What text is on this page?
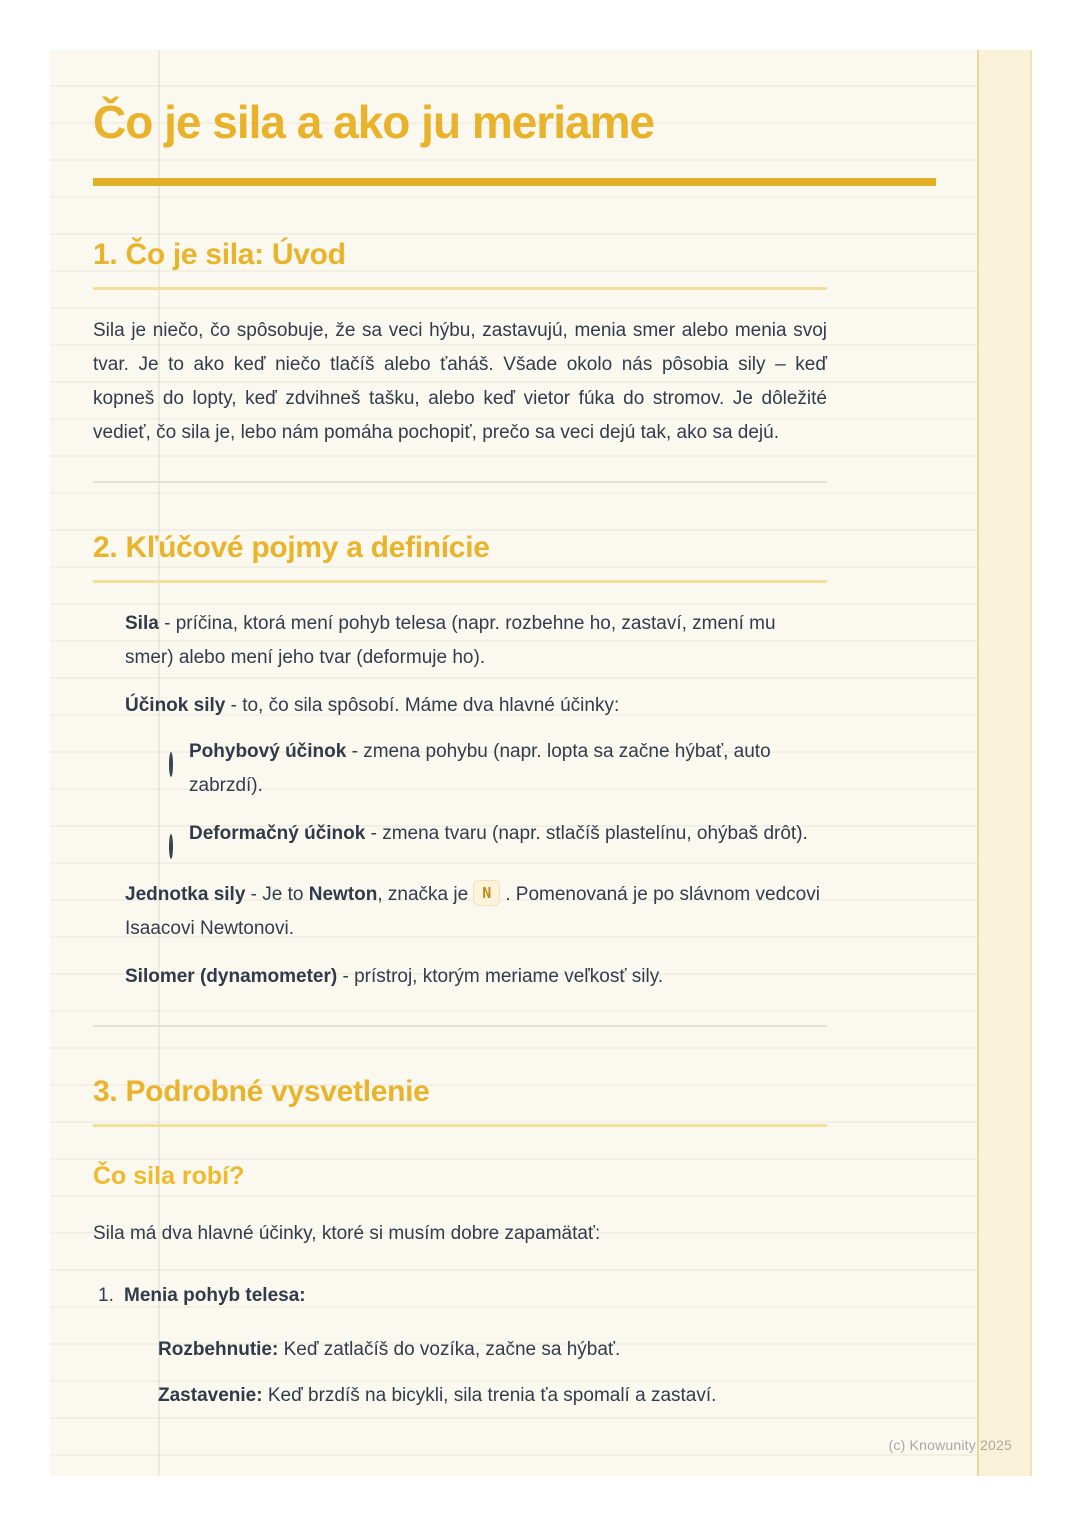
Čo je sila a ako ju meriame
1. Čo je sila: Úvod

Sila je niečo, čo spôsobuje, že sa veci hýbu, zastavujú, menia smer alebo menia svoj tvar. Je to ako keď niečo tlačíš alebo ťaháš. Všade okolo nás pôsobia sily – keď kopneš do lopty, keď zdvihneš tašku, alebo keď vietor fúka do stromov. Je dôležité vedieť, čo sila je, lebo nám pomáha pochopiť, prečo sa veci dejú tak, ako sa dejú.

2. Kľúčové pojmy a definície
Sila - príčina, ktorá mení pohyb telesa (napr. rozbehne ho, zastaví, zmení mu smer) alebo mení jeho tvar (deformuje ho).
Účinok sily - to, čo sila spôsobí. Máme dva hlavné účinky:
Pohybový účinok - zmena pohybu (napr. lopta sa začne hýbať, auto zabrzdí).
Deformačný účinok - zmena tvaru (napr. stlačíš plastelínu, ohýbaš drôt).
Jednotka sily - Je to Newton, značka je N . Pomenovaná je po slávnom vedcovi Isaacovi Newtonovi.
Silomer (dynamometer) - prístroj, ktorým meriame veľkosť sily.
3. Podrobné vysvetlenie
Čo sila robí?

Sila má dva hlavné účinky, ktoré si musím dobre zapamätať:

1. Menia pohyb telesa:
Rozbehnutie: Keď zatlačíš do vozíka, začne sa hýbať.
Zastavenie: Keď brzdíš na bicykli, sila trenia ťa spomalí a zastaví.
(c) Knowunity 2025
